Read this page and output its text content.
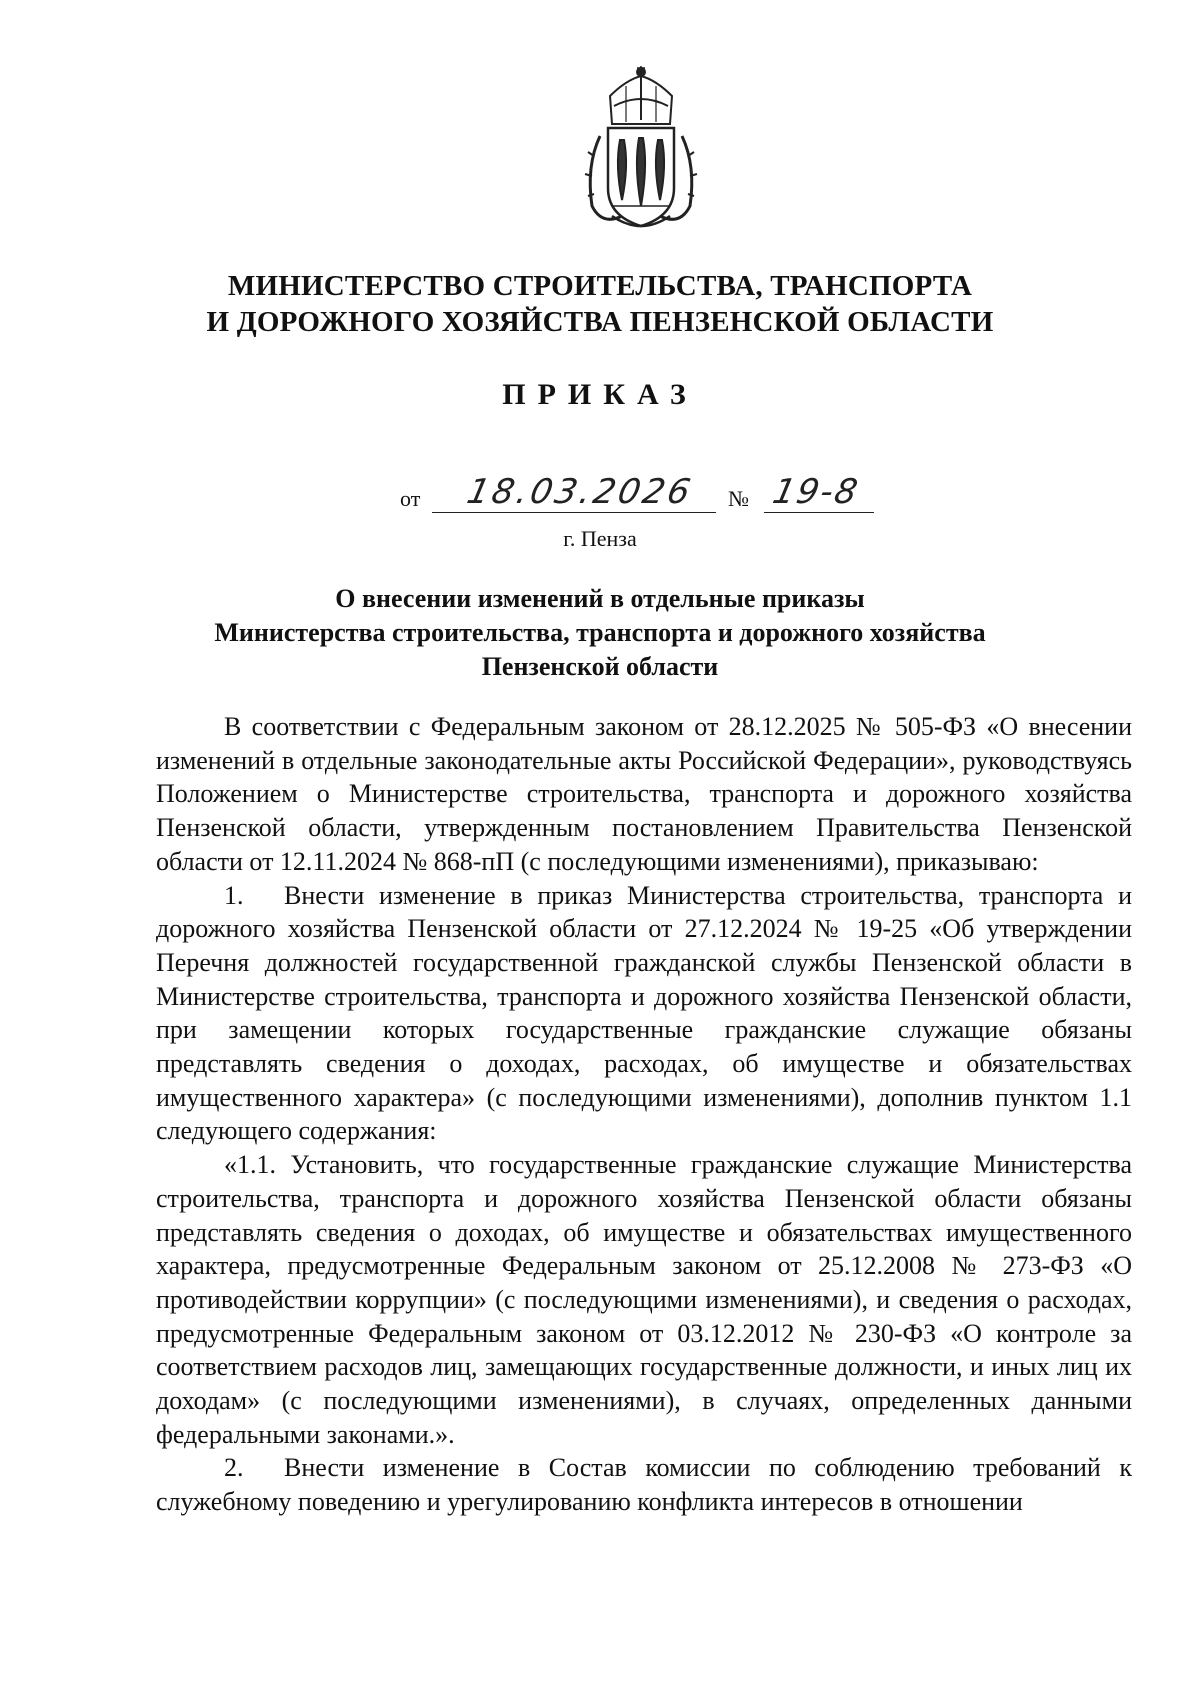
МИНИСТЕРСТВО СТРОИТЕЛЬСТВА, ТРАНСПОРТА
И ДОРОЖНОГО ХОЗЯЙСТВА ПЕНЗЕНСКОЙ ОБЛАСТИ
ПРИКАЗ
от 18.03.2026	№ 19-8
г. Пенза
О внесении изменений в отдельные приказы
Министерства строительства, транспорта и дорожного хозяйства
Пензенской области

В соответствии с Федеральным законом от 28.12.2025 № 505-ФЗ «О внесении изменений в отдельные законодательные акты Российской Федерации», руководствуясь Положением о Министерстве строительства, транспорта и дорожного хозяйства Пензенской области, утвержденным постановлением Правительства Пензенской области от 12.11.2024 № 868-пП (с последующими изменениями), приказываю:

1. Внести изменение в приказ Министерства строительства, транспорта и дорожного хозяйства Пензенской области от 27.12.2024 № 19-25 «Об утверждении Перечня должностей государственной гражданской службы Пензенской области в Министерстве строительства, транспорта и дорожного хозяйства Пензенской области, при замещении которых государственные гражданские служащие обязаны представлять сведения о доходах, расходах, об имуществе и обязательствах имущественного характера» (с последующими изменениями), дополнив пунктом 1.1 следующего содержания:

«1.1. Установить, что государственные гражданские служащие Министерства строительства, транспорта и дорожного хозяйства Пензенской области обязаны представлять сведения о доходах, об имуществе и обязательствах имущественного характера, предусмотренные Федеральным законом от 25.12.2008 № 273-ФЗ «О противодействии коррупции» (с последующими изменениями), и сведения о расходах, предусмотренные Федеральным законом от 03.12.2012 № 230-ФЗ «О контроле за соответствием расходов лиц, замещающих государственные должности, и иных лиц их доходам» (с последующими изменениями), в случаях, определенных данными федеральными законами.».

2. Внести изменение в Состав комиссии по соблюдению требований к служебному поведению и урегулированию конфликта интересов в отношении
